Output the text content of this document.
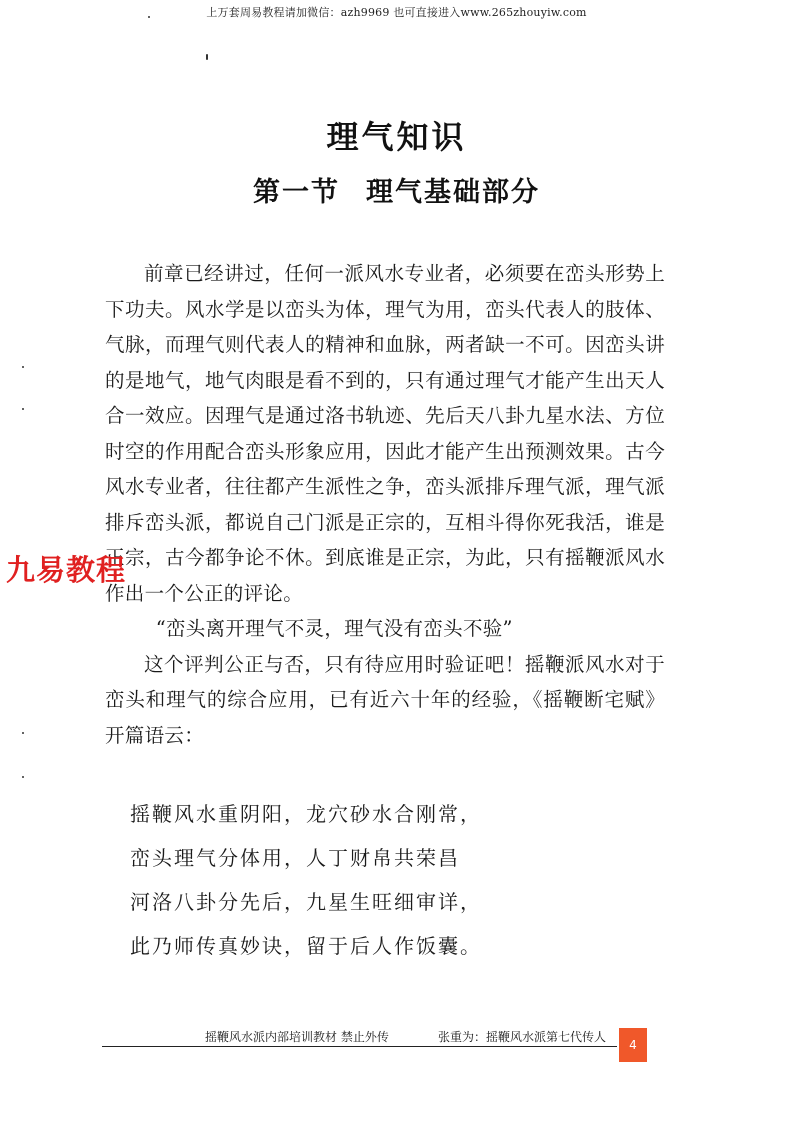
上万套周易教程请加微信：azh9969 也可直接进入www.265zhouyiw.com
理气知识
第一节 理气基础部分

前章已经讲过，任何一派风水专业者，必须要在峦头形势上下功夫。风水学是以峦头为体，理气为用，峦头代表人的肢体、气脉，而理气则代表人的精神和血脉，两者缺一不可。因峦头讲的是地气，地气肉眼是看不到的，只有通过理气才能产生出天人合一效应。因理气是通过洛书轨迹、先后天八卦九星水法、方位时空的作用配合峦头形象应用，因此才能产生出预测效果。古今风水专业者，往往都产生派性之争，峦头派排斥理气派，理气派排斥峦头派，都说自己门派是正宗的，互相斗得你死我活，谁是正宗，古今都争论不休。到底谁是正宗，为此，只有摇鞭派风水作出一个公正的评论。

“峦头离开理气不灵，理气没有峦头不验”

这个评判公正与否，只有待应用时验证吧！摇鞭派风水对于峦头和理气的综合应用，已有近六十年的经验，《摇鞭断宅赋》开篇语云：

摇鞭风水重阴阳，龙穴砂水合刚常，

峦头理气分体用，人丁财帛共荣昌

河洛八卦分先后，九星生旺细审详，

此乃师传真妙诀，留于后人作饭囊。

九易教程
摇鞭风水派内部培训教材 禁止外传	张重为：摇鞭风水派第七代传人
4
